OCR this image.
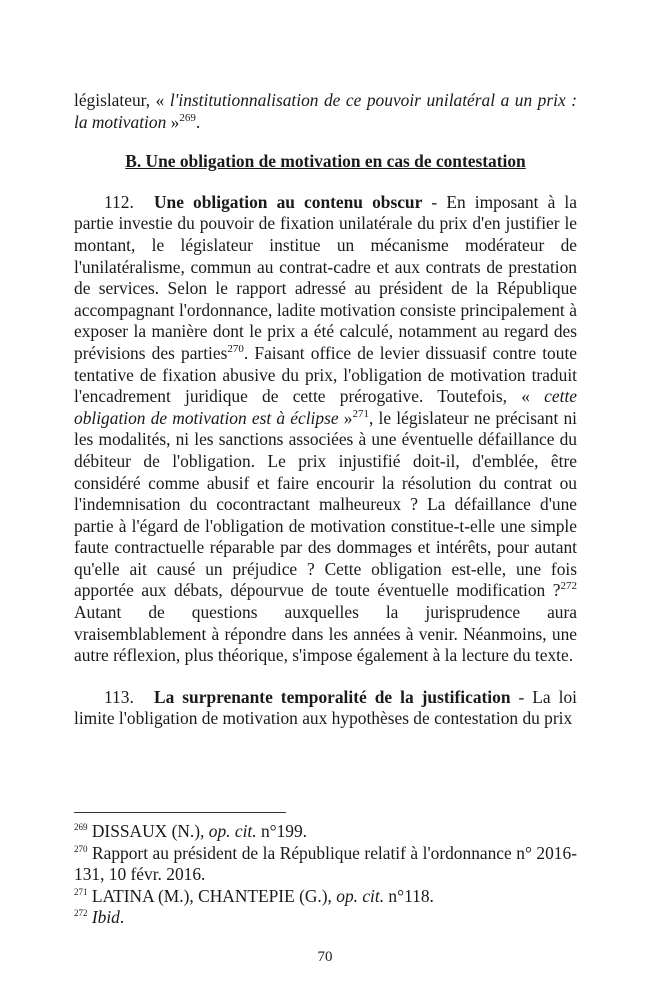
législateur, « l'institutionnalisation de ce pouvoir unilatéral a un prix : la motivation »$^{269}$.

B. Une obligation de motivation en cas de contestation

112. Une obligation au contenu obscur - En imposant à la partie investie du pouvoir de fixation unilatérale du prix d'en justifier le montant, le législateur institue un mécanisme modérateur de l'unilatéralisme, commun au contrat-cadre et aux contrats de prestation de services. Selon le rapport adressé au président de la République accompagnant l'ordonnance, ladite motivation consiste principalement à exposer la manière dont le prix a été calculé, notamment au regard des prévisions des parties$^{270}$. Faisant office de levier dissuasif contre toute tentative de fixation abusive du prix, l'obligation de motivation traduit l'encadrement juridique de cette prérogative. Toutefois, « cette obligation de motivation est à éclipse »$^{271}$, le législateur ne précisant ni les modalités, ni les sanctions associées à une éventuelle défaillance du débiteur de l'obligation. Le prix injustifié doit-il, d'emblée, être considéré comme abusif et faire encourir la résolution du contrat ou l'indemnisation du cocontractant malheureux ? La défaillance d'une partie à l'égard de l'obligation de motivation constitue-t-elle une simple faute contractuelle réparable par des dommages et intérêts, pour autant qu'elle ait causé un préjudice ? Cette obligation est-elle, une fois apportée aux débats, dépourvue de toute éventuelle modification ?$^{272}$ Autant de questions auxquelles la jurisprudence aura vraisemblablement à répondre dans les années à venir. Néanmoins, une autre réflexion, plus théorique, s'impose également à la lecture du texte.

113. La surprenante temporalité de la justification - La loi limite l'obligation de motivation aux hypothèses de contestation du prix

$^{269}$ DISSAUX (N.), op. cit. n°199.

$^{270}$ Rapport au président de la République relatif à l'ordonnance n° 2016-131, 10 févr. 2016.

$^{271}$ LATINA (M.), CHANTEPIE (G.), op. cit. n°118.

$^{272}$ Ibid.

70
